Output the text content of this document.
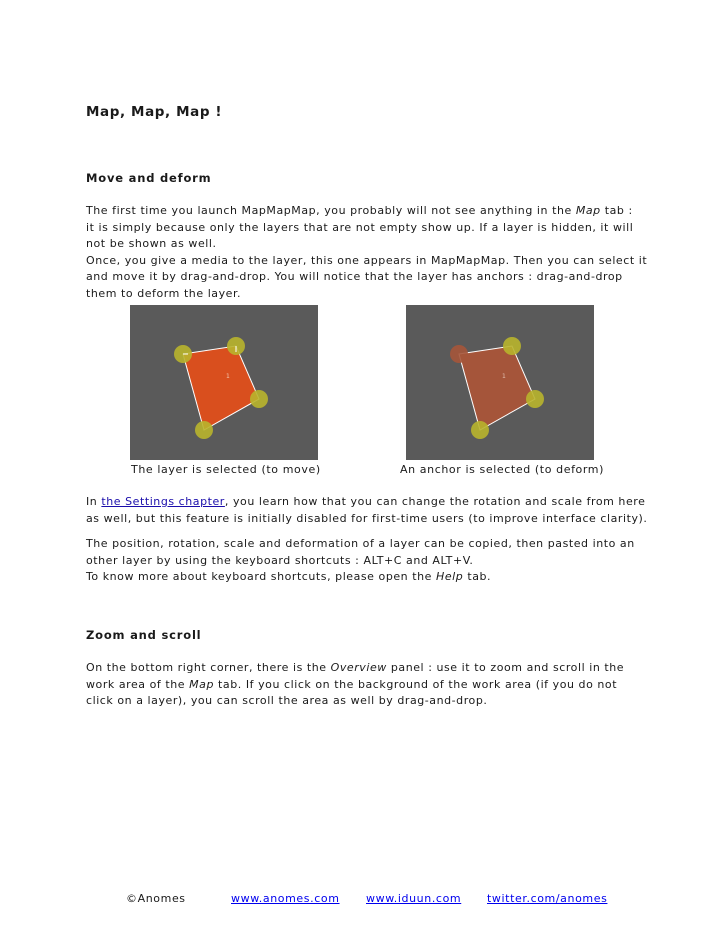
Map, Map, Map !
Move and deform

The first time you launch MapMapMap, you probably will not see anything in the Map tab :

it is simply because only the layers that are not empty show up. If a layer is hidden, it will

not be shown as well.

Once, you give a media to the layer, this one appears in MapMapMap. Then you can select it

and move it by drag-and-drop. You will notice that the layer has anchors : drag-and-drop

them to deform the layer.

1	1
The layer is selected (to move)	An anchor is selected (to deform)

In the Settings chapter, you learn how that you can change the rotation and scale from here

as well, but this feature is initially disabled for first-time users (to improve interface clarity).

The position, rotation, scale and deformation of a layer can be copied, then pasted into an

other layer by using the keyboard shortcuts : ALT+C and ALT+V.

To know more about keyboard shortcuts, please open the Help tab.

Zoom and scroll

On the bottom right corner, there is the Overview panel : use it to zoom and scroll in the

work area of the Map tab. If you click on the background of the work area (if you do not

click on a layer), you can scroll the area as well by drag-and-drop.

©Anomes	www.anomes.com www.iduun.com twitter.com/anomes
